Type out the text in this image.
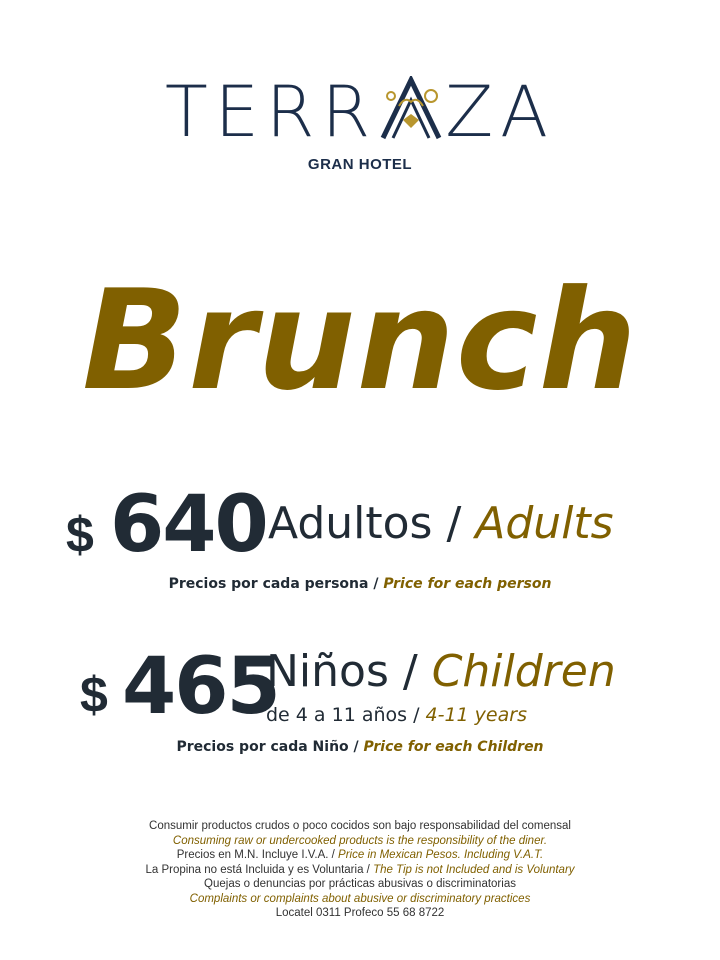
TERR ZA
GRAN HOTEL
Brunch
$ 640 Adultos / Adults
Precios por cada persona / Price for each person
$ 465
Niños / Children
de 4 a 11 años / 4-11 years
Precios por cada Niño / Price for each Children
Consumir productos crudos o poco cocidos son bajo responsabilidad del comensal
Consuming raw or undercooked products is the responsibility of the diner.
Precios en M.N. Incluye I.V.A. / Price in Mexican Pesos. Including V.A.T.
La Propina no está Incluida y es Voluntaria / The Tip is not Included and is Voluntary
Quejas o denuncias por prácticas abusivas o discriminatorias
Complaints or complaints about abusive or discriminatory practices
Locatel 0311 Profeco 55 68 8722
